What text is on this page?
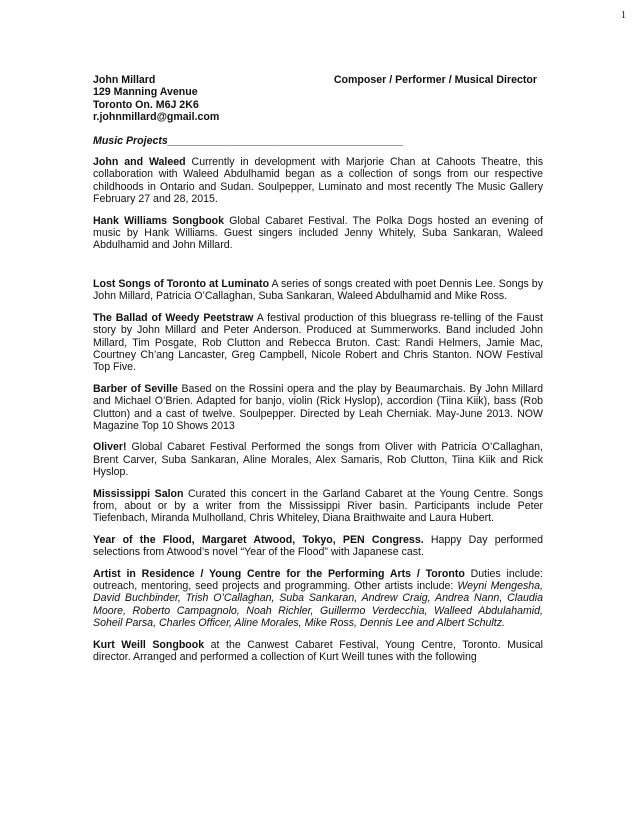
1
John Millard	Composer / Performer / Musical Director
129 Manning Avenue
Toronto On. M6J 2K6
r.johnmillard@gmail.com
Music Projects________________________________________
John and Waleed Currently in development with Marjorie Chan at Cahoots Theatre, this collaboration with Waleed Abdulhamid began as a collection of songs from our respective childhoods in Ontario and Sudan. Soulpepper, Luminato and most recently The Music Gallery February 27 and 28, 2015.
Hank Williams Songbook Global Cabaret Festival. The Polka Dogs hosted an evening of music by Hank Williams. Guest singers included Jenny Whitely, Suba Sankaran, Waleed Abdulhamid and John Millard.
Lost Songs of Toronto at Luminato A series of songs created with poet Dennis Lee. Songs by John Millard, Patricia O’Callaghan, Suba Sankaran, Waleed Abdulhamid and Mike Ross.
The Ballad of Weedy Peetstraw A festival production of this bluegrass re-telling of the Faust story by John Millard and Peter Anderson. Produced at Summerworks. Band included John Millard, Tim Posgate, Rob Clutton and Rebecca Bruton. Cast: Randi Helmers, Jamie Mac, Courtney Ch’ang Lancaster, Greg Campbell, Nicole Robert and Chris Stanton. NOW Festival Top Five.
Barber of Seville Based on the Rossini opera and the play by Beaumarchais. By John Millard and Michael O’Brien. Adapted for banjo, violin (Rick Hyslop), accordion (Tiina Kiik), bass (Rob Clutton) and a cast of twelve. Soulpepper. Directed by Leah Cherniak. May-June 2013. NOW Magazine Top 10 Shows 2013
Oliver! Global Cabaret Festival Performed the songs from Oliver with Patricia O’Callaghan, Brent Carver, Suba Sankaran, Aline Morales, Alex Samaris, Rob Clutton, Tiina Kiik and Rick Hyslop.
Mississippi Salon Curated this concert in the Garland Cabaret at the Young Centre. Songs from, about or by a writer from the Mississippi River basin. Participants include Peter Tiefenbach, Miranda Mulholland, Chris Whiteley, Diana Braithwaite and Laura Hubert.
Year of the Flood, Margaret Atwood, Tokyo, PEN Congress. Happy Day performed selections from Atwood’s novel “Year of the Flood” with Japanese cast.
Artist in Residence / Young Centre for the Performing Arts / Toronto Duties include: outreach, mentoring, seed projects and programming. Other artists include: Weyni Mengesha, David Buchbinder, Trish O’Callaghan, Suba Sankaran, Andrew Craig, Andrea Nann, Claudia Moore, Roberto Campagnolo, Noah Richler, Guillermo Verdecchia, Walleed Abdulahamid, Soheil Parsa, Charles Officer, Aline Morales, Mike Ross, Dennis Lee and Albert Schultz.
Kurt Weill Songbook at the Canwest Cabaret Festival, Young Centre, Toronto. Musical director. Arranged and performed a collection of Kurt Weill tunes with the following
